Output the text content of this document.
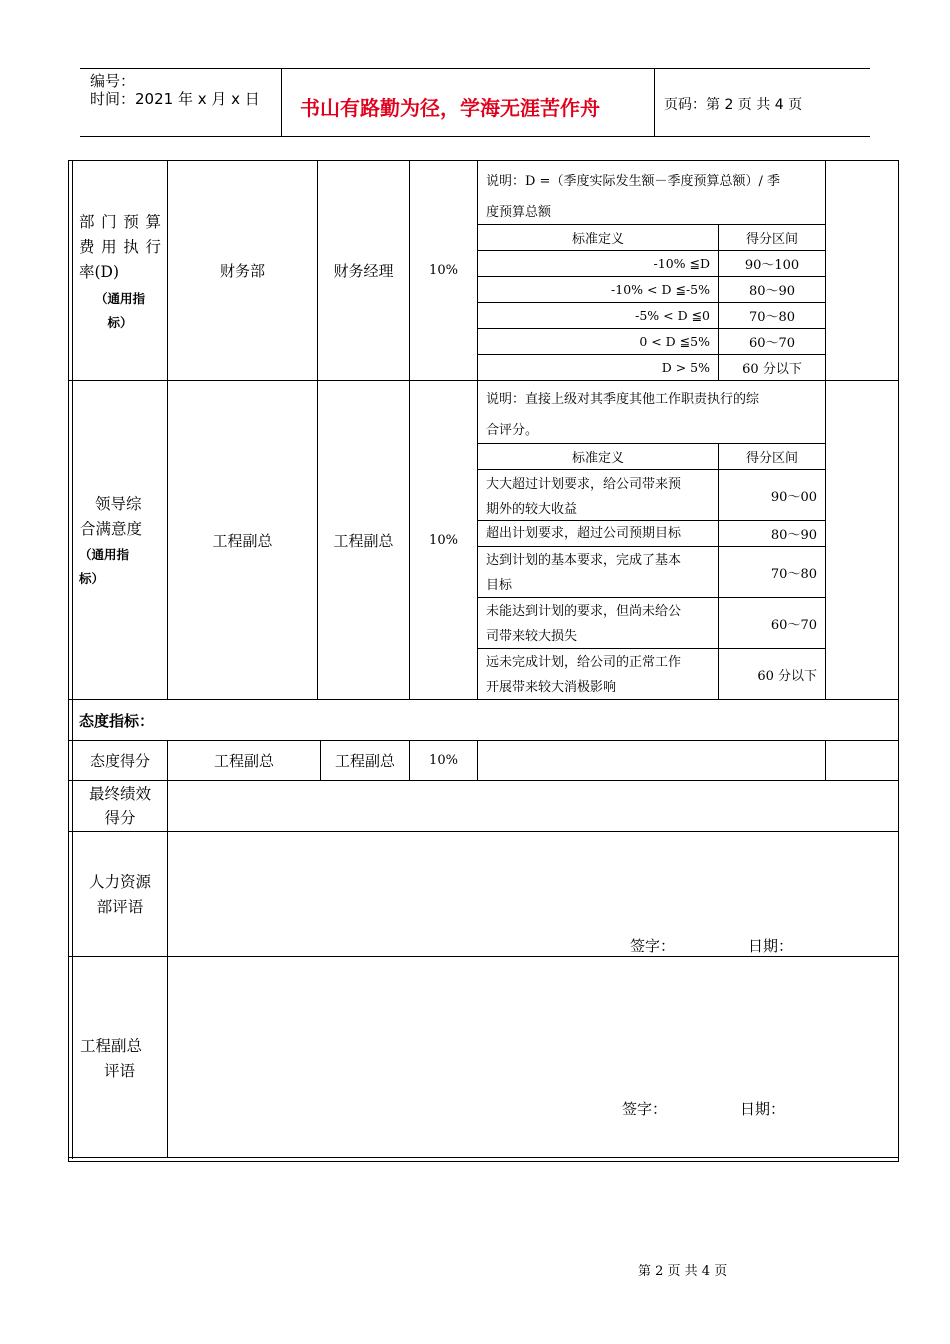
编号：
时间：2021 年 x 月 x 日 书山有路勤为径，学海无涯苦作舟	页码：第 2 页 共 4 页
部门预算
费用执行
率(D)
（通用指
标）
财务部	财务经理	10%
说明：D =（季度实际发生额－季度预算总额）/ 季
度预算总额
标准定义	得分区间
-10% ≦D	90～100
-10% < D ≦-5%	80～90
-5% < D ≦0	70～80
0 < D ≦5%	60～70
D > 5%	60 分以下
领导综
合满意度
（通用指
标）
工程副总	工程副总	10%
说明：直接上级对其季度其他工作职责执行的综
合评分。
标准定义	得分区间
大大超过计划要求，给公司带来预
期外的较大收益
90～00
超出计划要求，超过公司预期目标	80～90
达到计划的基本要求，完成了基本
目标
70～80
未能达到计划的要求，但尚未给公
司带来较大损失
60～70
远未完成计划，给公司的正常工作
开展带来较大消极影响
60 分以下
态度指标：
态度得分	工程副总	工程副总	10%
最终绩效
得分
人力资源
部评语
签字：	日期：
工程副总
评语
签字：	日期：
第 2 页 共 4 页
